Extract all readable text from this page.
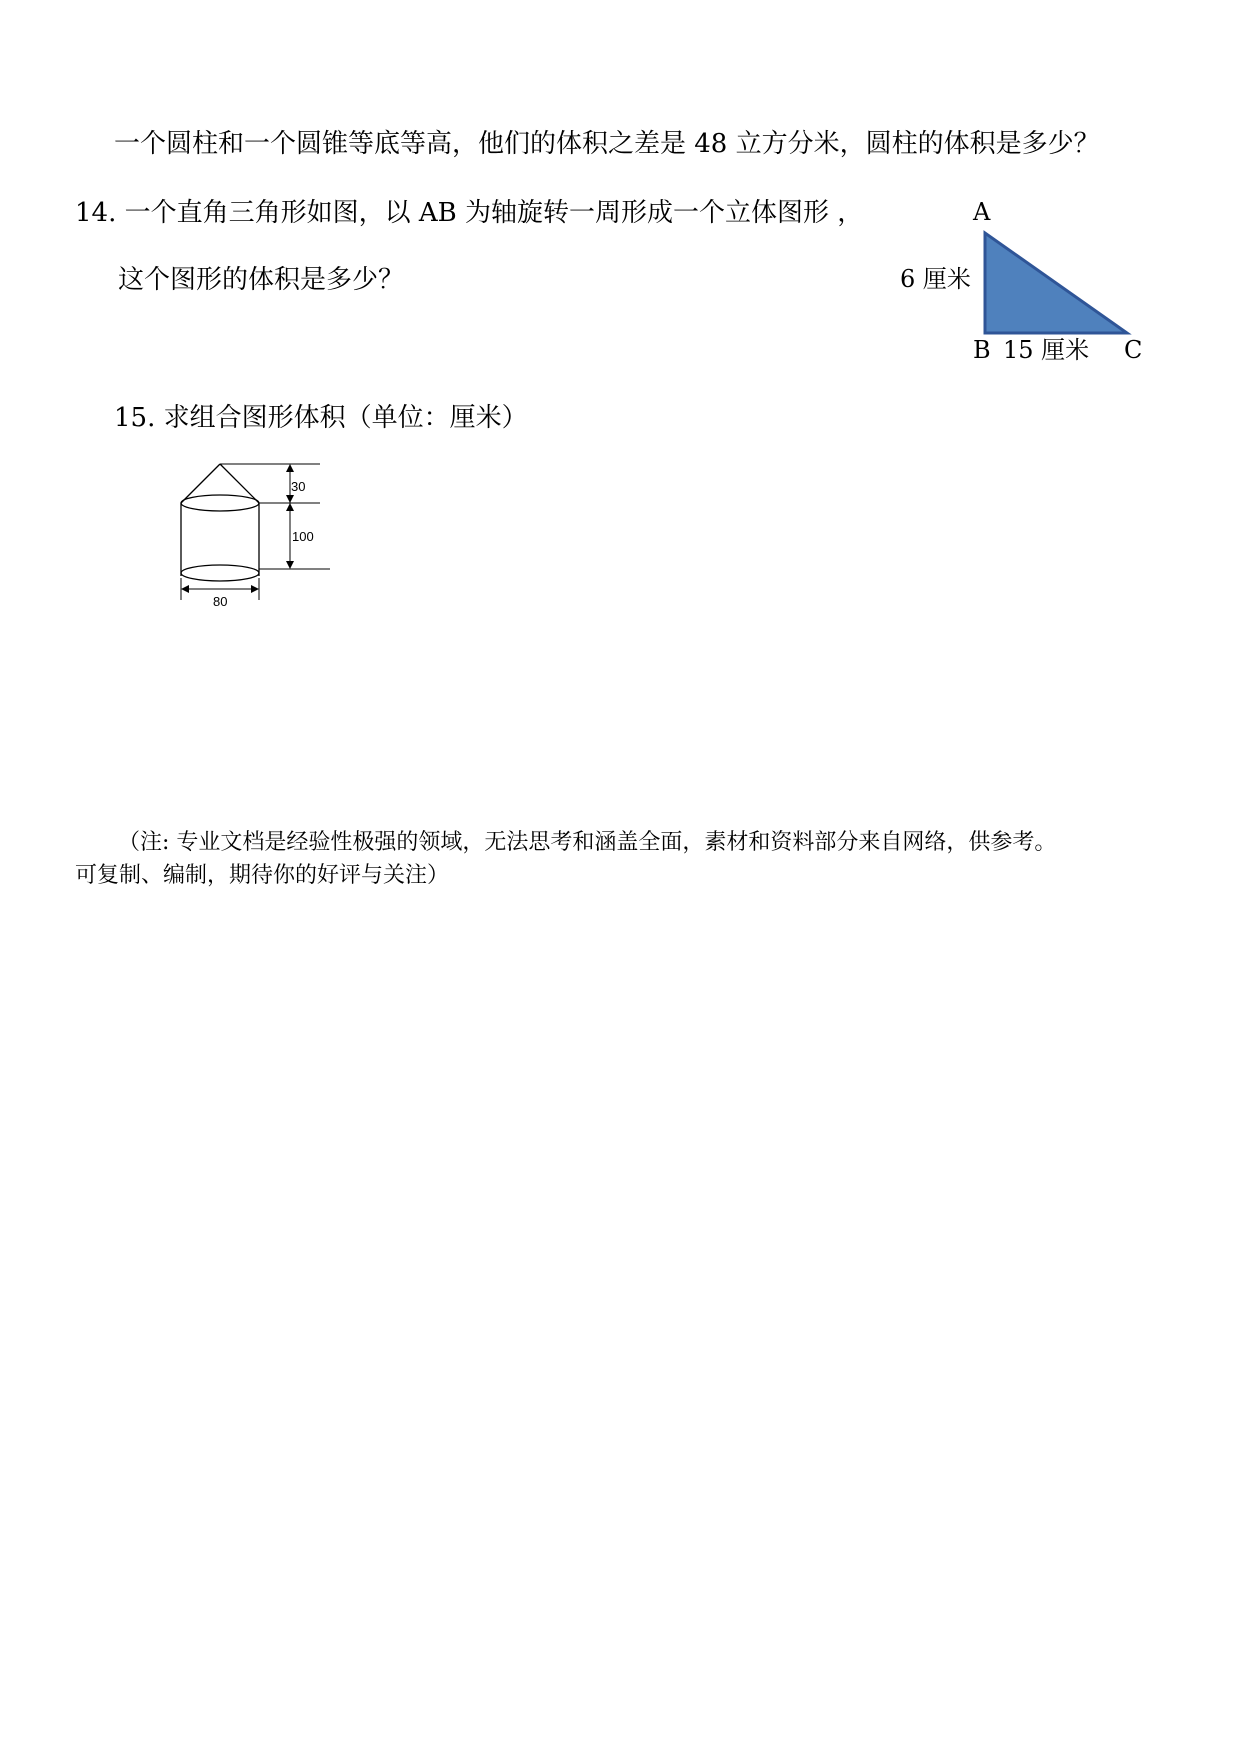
一个圆柱和一个圆锥等底等高，他们的体积之差是 48 立方分米，圆柱的体积是多少？
14. 一个直角三角形如图，以 AB 为轴旋转一周形成一个立体图形 ，
这个图形的体积是多少？
A
6 厘米
B 15 厘米 C
15. 求组合图形体积（单位：厘米）
30
100
80
（注: 专业文档是经验性极强的领域，无法思考和涵盖全面，素材和资料部分来自网络，供参考。
可复制、编制，期待你的好评与关注）
